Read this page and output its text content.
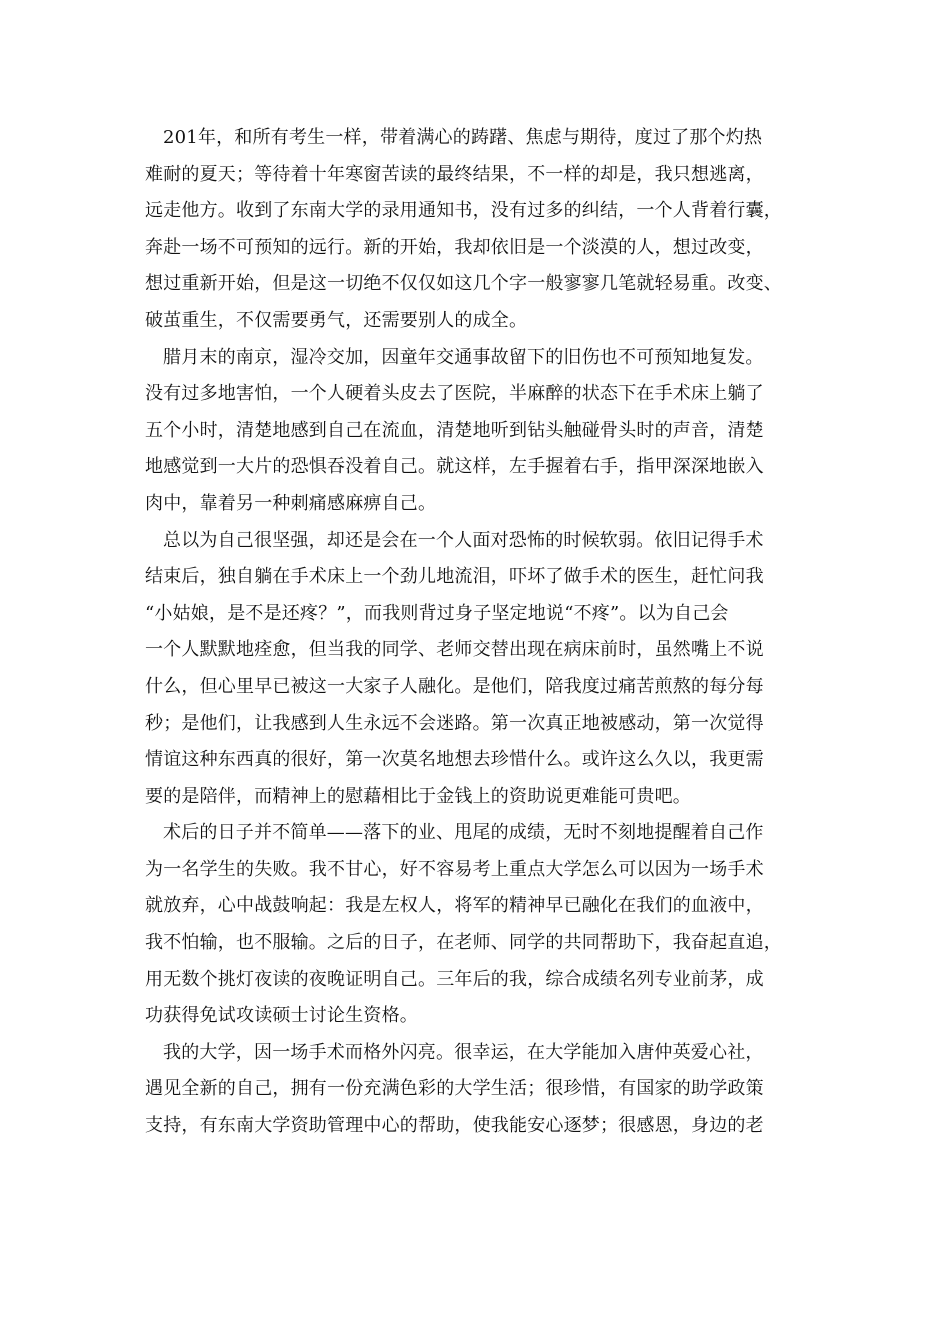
201年，和所有考生一样，带着满心的踌躇、焦虑与期待，度过了那个灼热
难耐的夏天；等待着十年寒窗苦读的最终结果，不一样的却是，我只想逃离，
远走他方。收到了东南大学的录用通知书，没有过多的纠结，一个人背着行囊，
奔赴一场不可预知的远行。新的开始，我却依旧是一个淡漠的人，想过改变，
想过重新开始，但是这一切绝不仅仅如这几个字一般寥寥几笔就轻易重。改变、
破茧重生，不仅需要勇气，还需要别人的成全。
腊月末的南京，湿冷交加，因童年交通事故留下的旧伤也不可预知地复发。
没有过多地害怕，一个人硬着头皮去了医院，半麻醉的状态下在手术床上躺了
五个小时，清楚地感到自己在流血，清楚地听到钻头触碰骨头时的声音，清楚
地感觉到一大片的恐惧吞没着自己。就这样，左手握着右手，指甲深深地嵌入
肉中，靠着另一种刺痛感麻痹自己。
总以为自己很坚强，却还是会在一个人面对恐怖的时候软弱。依旧记得手术
结束后，独自躺在手术床上一个劲儿地流泪，吓坏了做手术的医生，赶忙问我
“小姑娘，是不是还疼？”，而我则背过身子坚定地说“不疼”。以为自己会
一个人默默地痊愈，但当我的同学、老师交替出现在病床前时，虽然嘴上不说
什么，但心里早已被这一大家子人融化。是他们，陪我度过痛苦煎熬的每分每
秒；是他们，让我感到人生永远不会迷路。第一次真正地被感动，第一次觉得
情谊这种东西真的很好，第一次莫名地想去珍惜什么。或许这么久以，我更需
要的是陪伴，而精神上的慰藉相比于金钱上的资助说更难能可贵吧。
术后的日子并不简单——落下的业、甩尾的成绩，无时不刻地提醒着自己作
为一名学生的失败。我不甘心，好不容易考上重点大学怎么可以因为一场手术
就放弃，心中战鼓响起：我是左权人，将军的精神早已融化在我们的血液中，
我不怕输，也不服输。之后的日子，在老师、同学的共同帮助下，我奋起直追，
用无数个挑灯夜读的夜晚证明自己。三年后的我，综合成绩名列专业前茅，成
功获得免试攻读硕士讨论生资格。
我的大学，因一场手术而格外闪亮。很幸运，在大学能加入唐仲英爱心社，
遇见全新的自己，拥有一份充满色彩的大学生活；很珍惜，有国家的助学政策
支持，有东南大学资助管理中心的帮助，使我能安心逐梦；很感恩，身边的老
